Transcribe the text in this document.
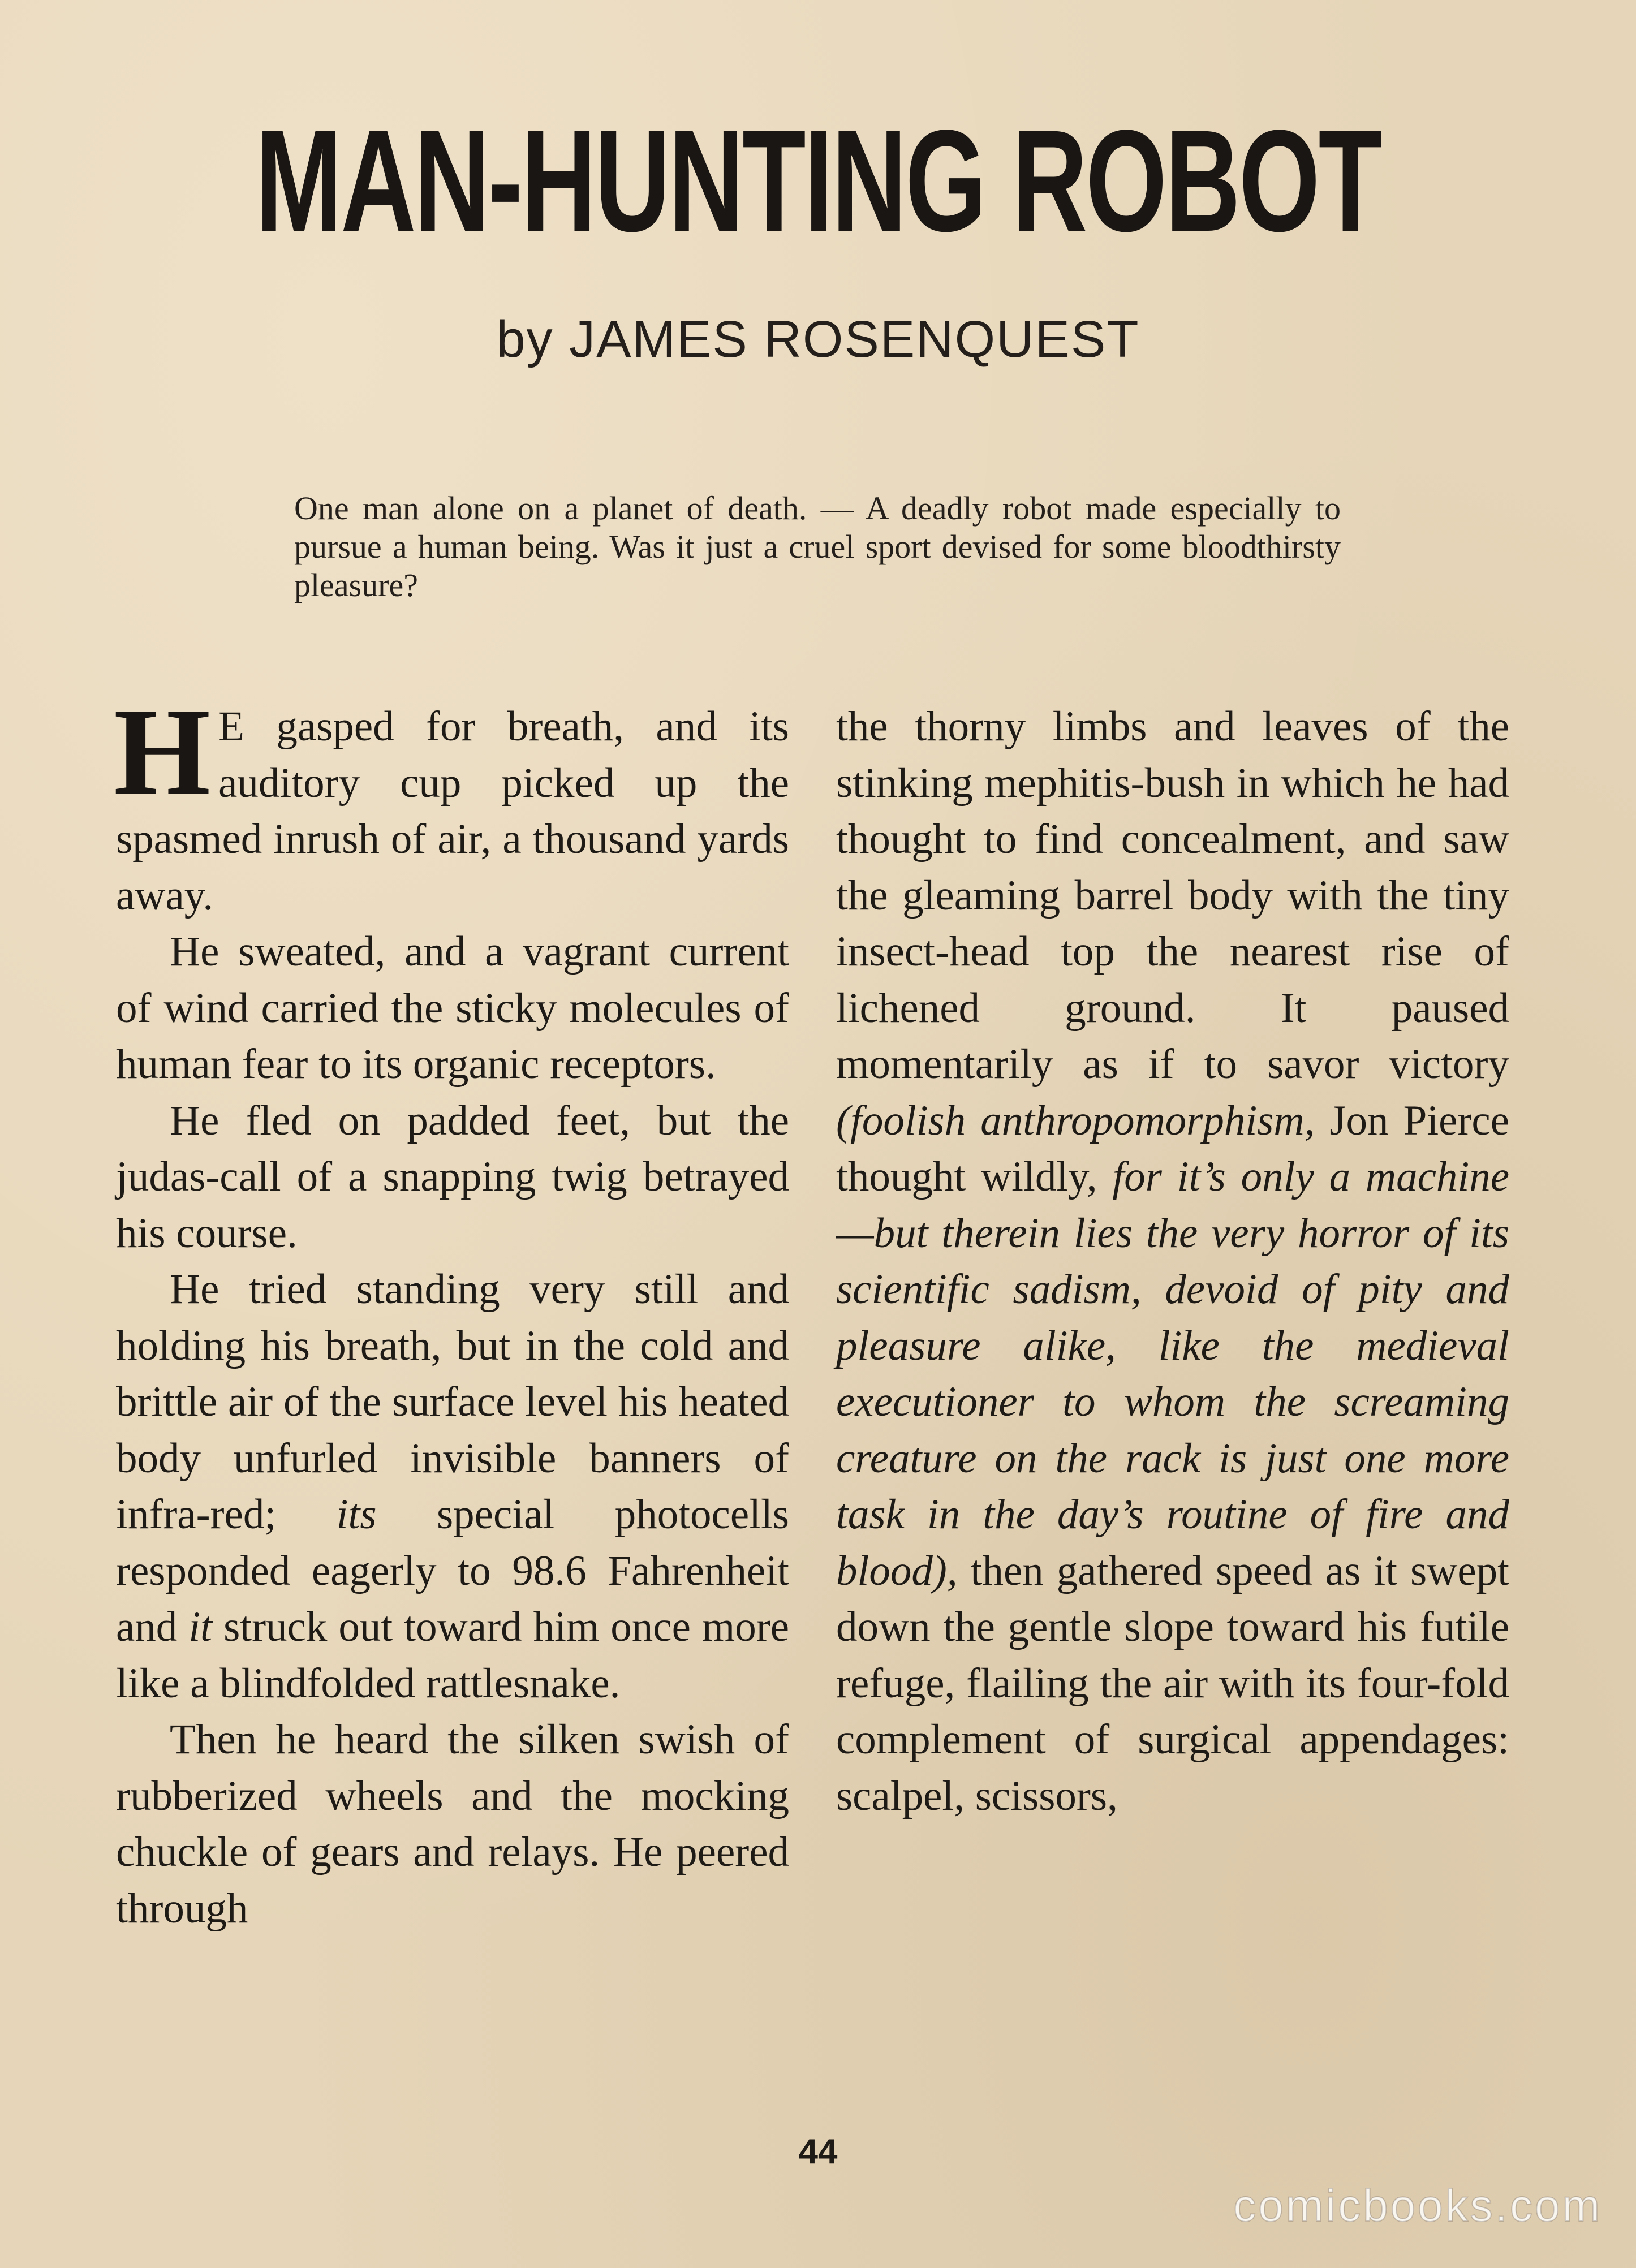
MAN-HUNTING ROBOT
by JAMES ROSENQUEST
One man alone on a planet of death. — A deadly robot made especially to pursue a human being. Was it just a cruel sport devised for some bloodthirsty pleasure?

H E gasped for breath, and its auditory cup picked up the spasmed inrush of air, a thousand yards away.

He sweated, and a vagrant current of wind carried the sticky molecules of human fear to its organic receptors.

He fled on padded feet, but the judas-call of a snapping twig betrayed his course.

He tried standing very still and holding his breath, but in the cold and brittle air of the surface level his heated body unfurled invisible banners of infra-red; its special photocells responded eagerly to 98.6 Fahrenheit and it struck out toward him once more like a blindfolded rattlesnake.

Then he heard the silken swish of rubberized wheels and the mocking chuckle of gears and relays. He peered through

the thorny limbs and leaves of the stinking mephitis-bush in which he had thought to find concealment, and saw the gleaming barrel body with the tiny insect-head top the nearest rise of lichened ground. It paused momentarily as if to savor victory (foolish anthropomorphism, Jon Pierce thought wildly, for it’s only a machine—but therein lies the very horror of its scientific sadism, devoid of pity and pleasure alike, like the medieval executioner to whom the screaming creature on the rack is just one more task in the day’s routine of fire and blood), then gathered speed as it swept down the gentle slope toward his futile refuge, flailing the air with its four-fold complement of surgical appendages: scalpel, scissors,

44
comicbooks.com
